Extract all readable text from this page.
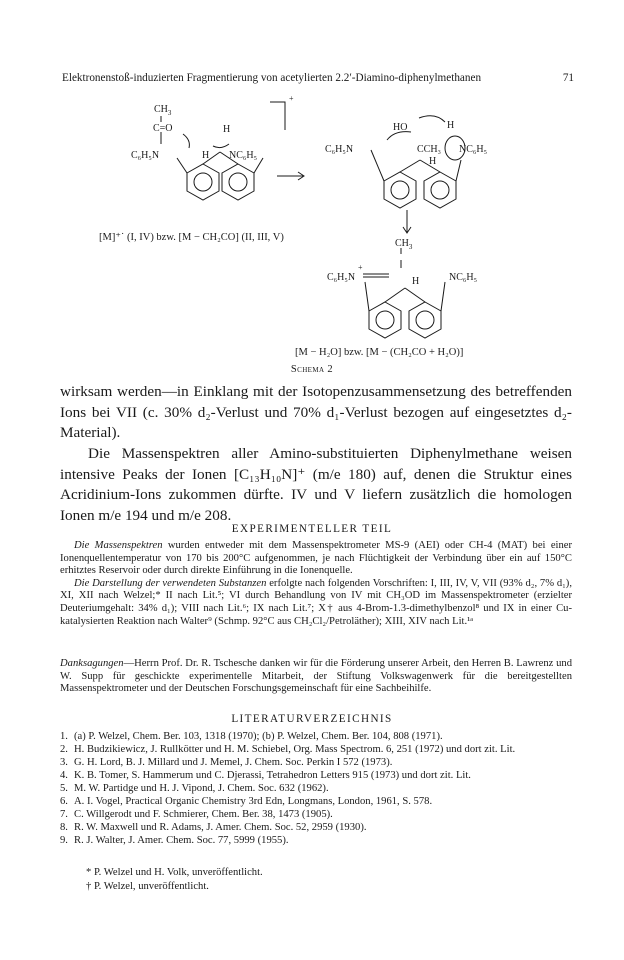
Elektronenstoß-induzierten Fragmentierung von acetylierten 2.2′-Diamino-diphenylmethanen	71
$CH_3$
C=O
C₆H₅N
H
H NC₆H₅
+
HO	H
C₆H₅N	CCH₃ NC₆H₅
H
[M]⁺˙ (I, IV) bzw. [M − CH₂CO] (II, III, V)
$CH_3$
C₆H₅N
+
H	NC₆H₅
[M − H₂O] bzw. [M − (CH₂CO + H₂O)]
Schema 2
wirksam werden—in Einklang mit der Isotopenzusammensetzung des betreffenden Ions bei VII (c. 30% d₂-Verlust und 70% d₁-Verlust bezogen auf eingesetztes d₂-Material).
Die Massenspektren aller Amino-substituierten Diphenylmethane weisen intensive Peaks der Ionen [C₁₃H₁₀N]⁺ (m/e 180) auf, denen die Struktur eines Acridinium-Ions zukommen dürfte. IV und V liefern zusätzlich die homologen Ionen m/e 194 und m/e 208.
EXPERIMENTELLER TEIL

Die Massenspektren wurden entweder mit dem Massenspektrometer MS-9 (AEI) oder CH-4 (MAT) bei einer Ionenquellentemperatur von 170 bis 200°C aufgenommen, je nach Flüchtigkeit der Verbindung über ein auf 150°C erhitztes Reservoir oder durch direkte Einführung in die Ionenquelle.

Die Darstellung der verwendeten Substanzen erfolgte nach folgenden Vorschriften: I, III, IV, V, VII (93% d₂, 7% d₁), XI, XII nach Welzel;* II nach Lit.⁵; VI durch Behandlung von IV mit CH₃OD im Massenspektrometer (erzielter Deuteriumgehalt: 34% d₁); VIII nach Lit.⁶; IX nach Lit.⁷; X† aus 4-Brom-1.3-dimethylbenzol⁸ und IX in einer Cu-katalysierten Reaktion nach Walter⁹ (Schmp. 92°C aus CH₂Cl₂/Petroläther); XIII, XIV nach Lit.¹ᵃ

Danksagungen—Herrn Prof. Dr. R. Tschesche danken wir für die Förderung unserer Arbeit, den Herren B. Lawrenz und W. Supp für geschickte experimentelle Mitarbeit, der Stiftung Volkswagenwerk für die bereitgestellten Massenspektrometer und der Deutschen Forschungsgemeinschaft für eine Sachbeihilfe.

LITERATURVERZEICHNIS
1. (a) P. Welzel, Chem. Ber. 103, 1318 (1970); (b) P. Welzel, Chem. Ber. 104, 808 (1971).
2. H. Budzikiewicz, J. Rullkötter und H. M. Schiebel, Org. Mass Spectrom. 6, 251 (1972) und dort zit. Lit.
3. G. H. Lord, B. J. Millard und J. Memel, J. Chem. Soc. Perkin I 572 (1973).
4. K. B. Tomer, S. Hammerum und C. Djerassi, Tetrahedron Letters 915 (1973) und dort zit. Lit.
5. M. W. Partidge und H. J. Vipond, J. Chem. Soc. 632 (1962).
6. A. I. Vogel, Practical Organic Chemistry 3rd Edn, Longmans, London, 1961, S. 578.
7. C. Willgerodt und F. Schmierer, Chem. Ber. 38, 1473 (1905).
8. R. W. Maxwell und R. Adams, J. Amer. Chem. Soc. 52, 2959 (1930).
9. R. J. Walter, J. Amer. Chem. Soc. 77, 5999 (1955).
* P. Welzel und H. Volk, unveröffentlicht.
† P. Welzel, unveröffentlicht.
